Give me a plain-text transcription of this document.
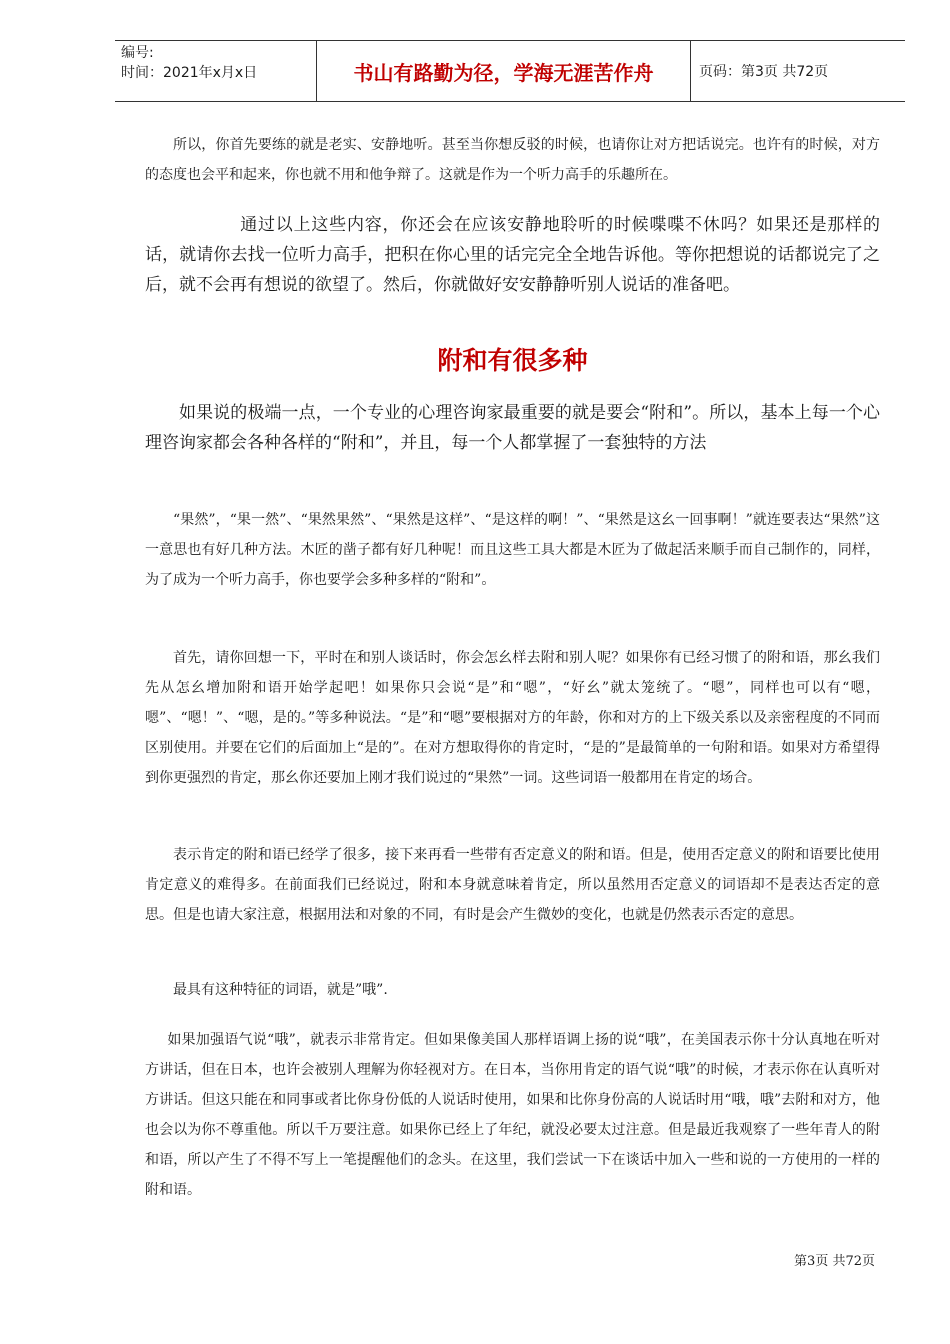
编号:
时间：2021年x月x日	书山有路勤为径，学海无涯苦作舟	页码：第3页 共72页

所以，你首先要练的就是老实、安静地听。甚至当你想反驳的时候，也请你让对方把话说完。也许有的时候，对方的态度也会平和起来，你也就不用和他争辩了。这就是作为一个听力高手的乐趣所在。

通过以上这些内容，你还会在应该安静地聆听的时候喋喋不休吗？如果还是那样的话，就请你去找一位听力高手，把积在你心里的话完完全全地告诉他。等你把想说的话都说完了之后，就不会再有想说的欲望了。然后，你就做好安安静静听别人说话的准备吧。

附和有很多种

如果说的极端一点，一个专业的心理咨询家最重要的就是要会“附和”。所以，基本上每一个心理咨询家都会各种各样的“附和”，并且，每一个人都掌握了一套独特的方法

“果然”，“果一然”、“果然果然”、“果然是这样”、“是这样的啊！”、“果然是这幺一回事啊！”就连要表达“果然”这一意思也有好几种方法。木匠的凿子都有好几种呢！而且这些工具大都是木匠为了做起活来顺手而自己制作的，同样，为了成为一个听力高手，你也要学会多种多样的“附和”。

首先，请你回想一下，平时在和别人谈话时，你会怎幺样去附和别人呢？如果你有已经习惯了的附和语，那幺我们先从怎幺增加附和语开始学起吧！如果你只会说“是”和“嗯”，“好幺”就太笼统了。“嗯”，同样也可以有“嗯，嗯”、“嗯！”、“嗯，是的。”等多种说法。“是”和“嗯”要根据对方的年龄，你和对方的上下级关系以及亲密程度的不同而区别使用。并要在它们的后面加上“是的”。在对方想取得你的肯定时，“是的”是最简单的一句附和语。如果对方希望得到你更强烈的肯定，那幺你还要加上刚才我们说过的“果然”一词。这些词语一般都用在肯定的场合。

表示肯定的附和语已经学了很多，接下来再看一些带有否定意义的附和语。但是，使用否定意义的附和语要比使用肯定意义的难得多。在前面我们已经说过，附和本身就意味着肯定，所以虽然用否定意义的词语却不是表达否定的意思。但是也请大家注意，根据用法和对象的不同，有时是会产生微妙的变化，也就是仍然表示否定的意思。

最具有这种特征的词语，就是”哦”.

如果加强语气说“哦”，就表示非常肯定。但如果像美国人那样语调上扬的说“哦”，在美国表示你十分认真地在听对方讲话，但在日本，也许会被别人理解为你轻视对方。在日本，当你用肯定的语气说“哦”的时候，才表示你在认真听对方讲话。但这只能在和同事或者比你身份低的人说话时使用，如果和比你身份高的人说话时用“哦，哦”去附和对方，他也会以为你不尊重他。所以千万要注意。如果你已经上了年纪，就没必要太过注意。但是最近我观察了一些年青人的附和语，所以产生了不得不写上一笔提醒他们的念头。在这里，我们尝试一下在谈话中加入一些和说的一方使用的一样的附和语。

第3页 共72页
